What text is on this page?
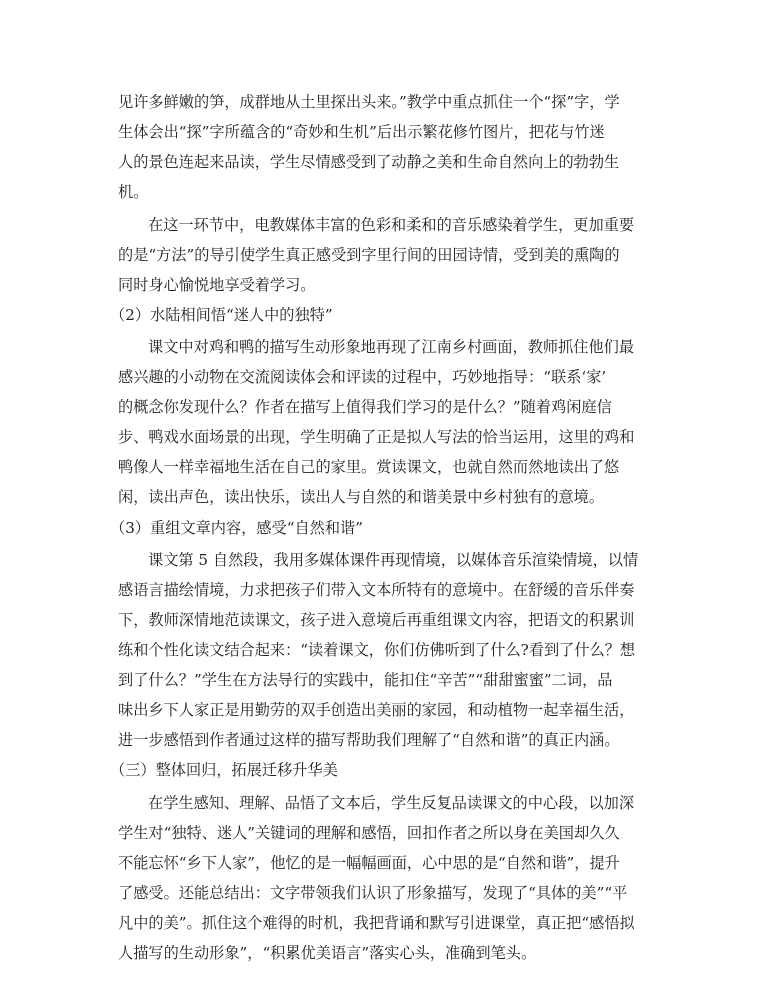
见许多鲜嫩的笋，成群地从土里探出头来。”教学中重点抓住一个“探”字，学
生体会出“探”字所蕴含的“奇妙和生机”后出示繁花修竹图片，把花与竹迷
人的景色连起来品读，学生尽情感受到了动静之美和生命自然向上的勃勃生
机。
在这一环节中，电教媒体丰富的色彩和柔和的音乐感染着学生，更加重要
的是“方法”的导引使学生真正感受到字里行间的田园诗情，受到美的熏陶的
同时身心愉悦地享受着学习。
（2）水陆相间悟“迷人中的独特”
课文中对鸡和鸭的描写生动形象地再现了江南乡村画面，教师抓住他们最
感兴趣的小动物在交流阅读体会和评读的过程中，巧妙地指导：“联系‘家’
的概念你发现什么？作者在描写上值得我们学习的是什么？”随着鸡闲庭信
步、鸭戏水面场景的出现，学生明确了正是拟人写法的恰当运用，这里的鸡和
鸭像人一样幸福地生活在自己的家里。赏读课文，也就自然而然地读出了悠
闲，读出声色，读出快乐，读出人与自然的和谐美景中乡村独有的意境。
（3）重组文章内容，感受“自然和谐”
课文第 5 自然段，我用多媒体课件再现情境，以媒体音乐渲染情境，以情
感语言描绘情境，力求把孩子们带入文本所特有的意境中。在舒缓的音乐伴奏
下，教师深情地范读课文，孩子进入意境后再重组课文内容，把语文的积累训
练和个性化读文结合起来：“读着课文，你们仿佛听到了什么?看到了什么？想
到了什么？”学生在方法导行的实践中，能扣住“辛苦”“甜甜蜜蜜”二词，品
味出乡下人家正是用勤劳的双手创造出美丽的家园，和动植物一起幸福生活，
进一步感悟到作者通过这样的描写帮助我们理解了“自然和谐”的真正内涵。
（三）整体回归，拓展迁移升华美
在学生感知、理解、品悟了文本后，学生反复品读课文的中心段，以加深
学生对“独特、迷人”关键词的理解和感悟，回扣作者之所以身在美国却久久
不能忘怀“乡下人家”，他忆的是一幅幅画面，心中思的是“自然和谐”，提升
了感受。还能总结出：文字带领我们认识了形象描写，发现了“具体的美”“平
凡中的美”。抓住这个难得的时机，我把背诵和默写引进课堂，真正把“感悟拟
人描写的生动形象”，“积累优美语言”落实心头，准确到笔头。
